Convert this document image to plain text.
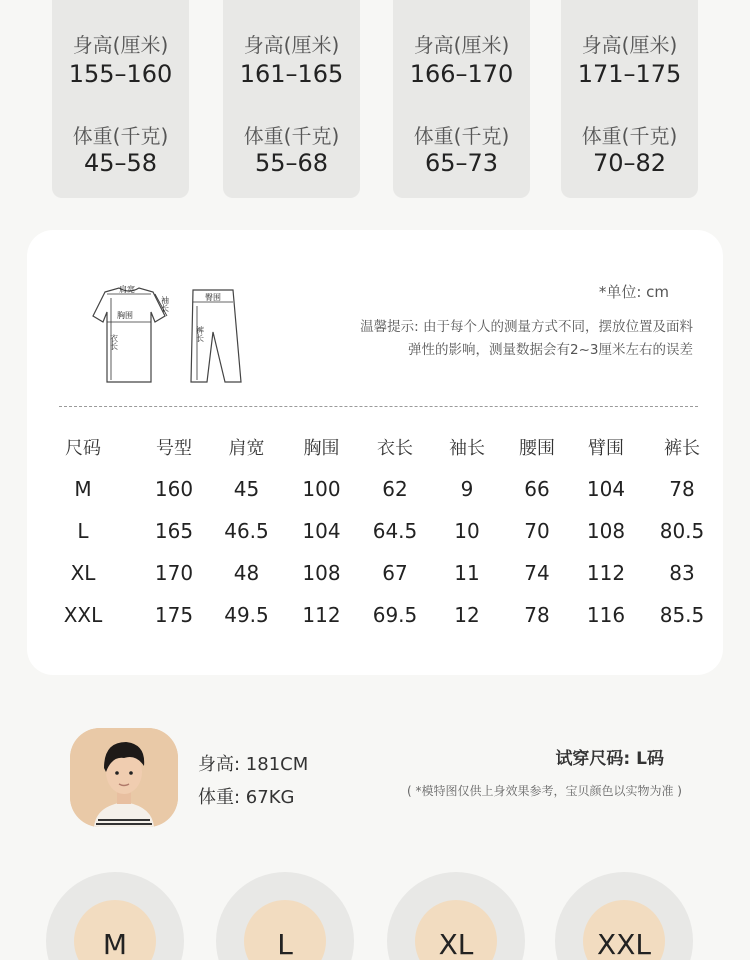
身高(厘米)
155–160
体重(千克)
45–58
身高(厘米)
161–165
体重(千克)
55–68
身高(厘米)
166–170
体重(千克)
65–73
身高(厘米)
171–175
体重(千克)
70–82
肩宽
胸围
衣长
袖长	臀围
裤长
*单位: cm
温馨提示: 由于每个人的测量方式不同，摆放位置及面料
弹性的影响，测量数据会有2~3厘米左右的误差
尺码	号型	肩宽	胸围	衣长	袖长	腰围	臂围	裤长
M	160	45	100	62	9	66	104	78
L	165	46.5	104	64.5	10	70	108	80.5
XL	170	48	108	67	11	74	112	83
XXL	175	49.5	112	69.5	12	78	116	85.5
身高: 181CM
体重: 67KG
试穿尺码: L码
( *模特图仅供上身效果参考，宝贝颜色以实物为准 )
M	L	XL	XXL
